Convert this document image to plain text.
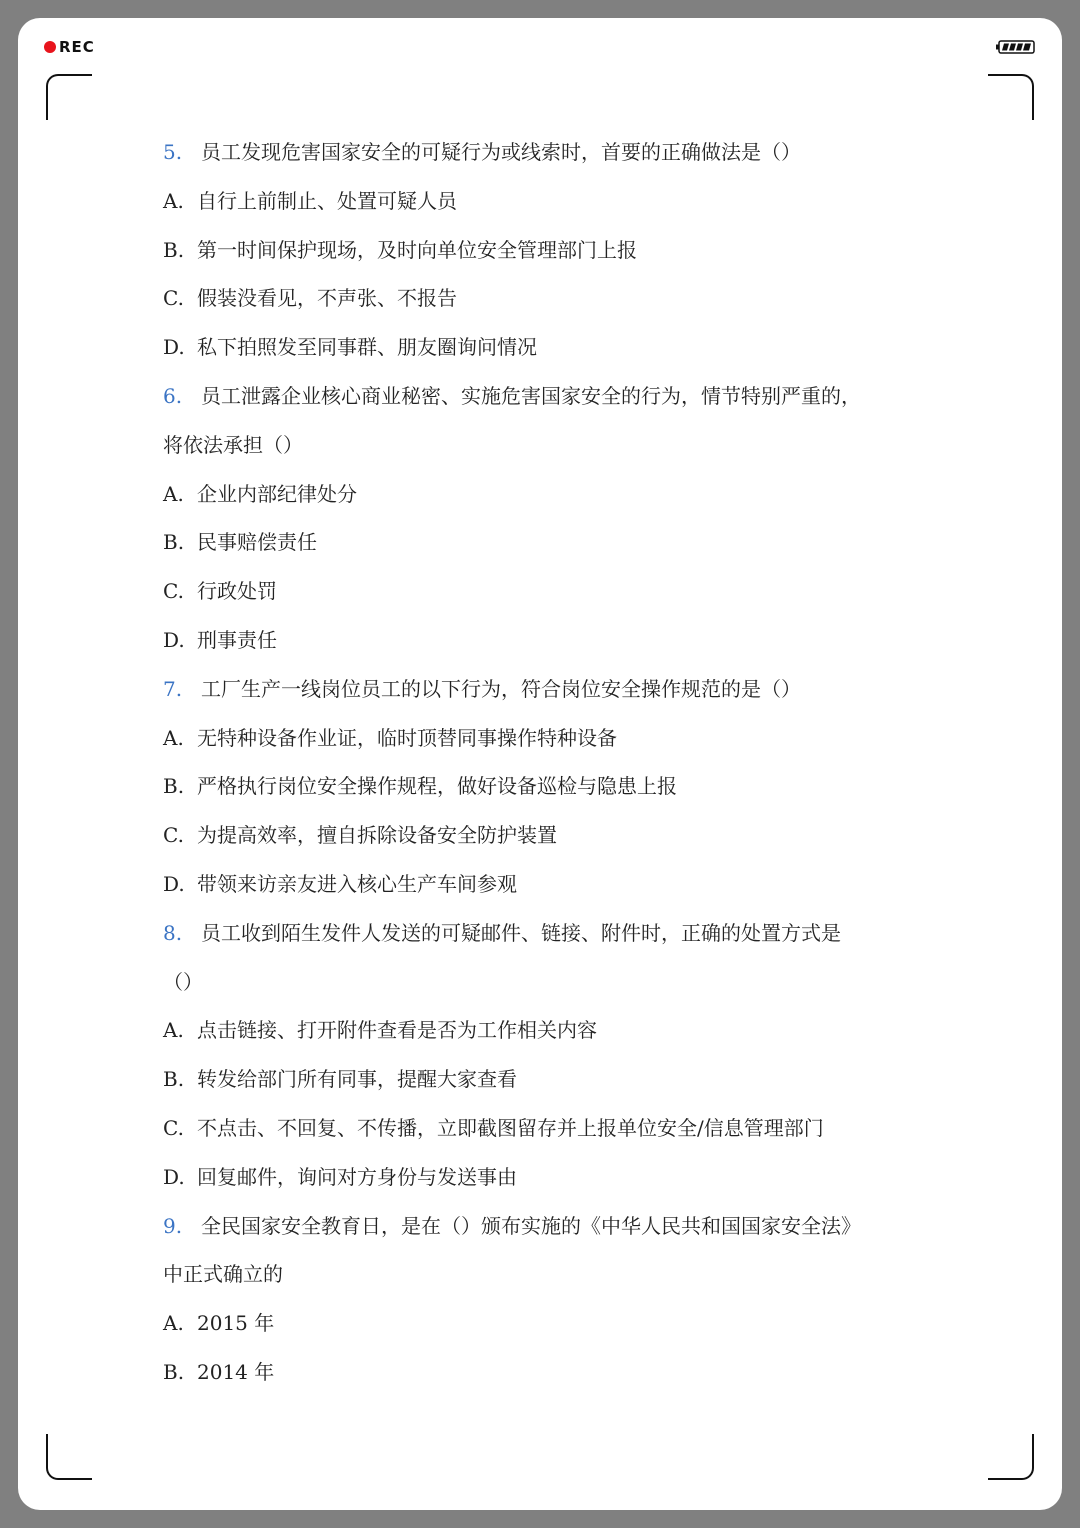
REC
5. 员工发现危害国家安全的可疑行为或线索时，首要的正确做法是（）
A. 自行上前制止、处置可疑人员
B. 第一时间保护现场，及时向单位安全管理部门上报
C. 假装没看见，不声张、不报告
D. 私下拍照发至同事群、朋友圈询问情况
6. 员工泄露企业核心商业秘密、实施危害国家安全的行为，情节特别严重的，
将依法承担（）
A. 企业内部纪律处分
B. 民事赔偿责任
C. 行政处罚
D. 刑事责任
7. 工厂生产一线岗位员工的以下行为，符合岗位安全操作规范的是（）
A. 无特种设备作业证，临时顶替同事操作特种设备
B. 严格执行岗位安全操作规程，做好设备巡检与隐患上报
C. 为提高效率，擅自拆除设备安全防护装置
D. 带领来访亲友进入核心生产车间参观
8. 员工收到陌生发件人发送的可疑邮件、链接、附件时，正确的处置方式是
（）
A. 点击链接、打开附件查看是否为工作相关内容
B. 转发给部门所有同事，提醒大家查看
C. 不点击、不回复、不传播，立即截图留存并上报单位安全/信息管理部门
D. 回复邮件，询问对方身份与发送事由
9. 全民国家安全教育日，是在（）颁布实施的《中华人民共和国国家安全法》
中正式确立的
A. 2015 年
B. 2014 年
